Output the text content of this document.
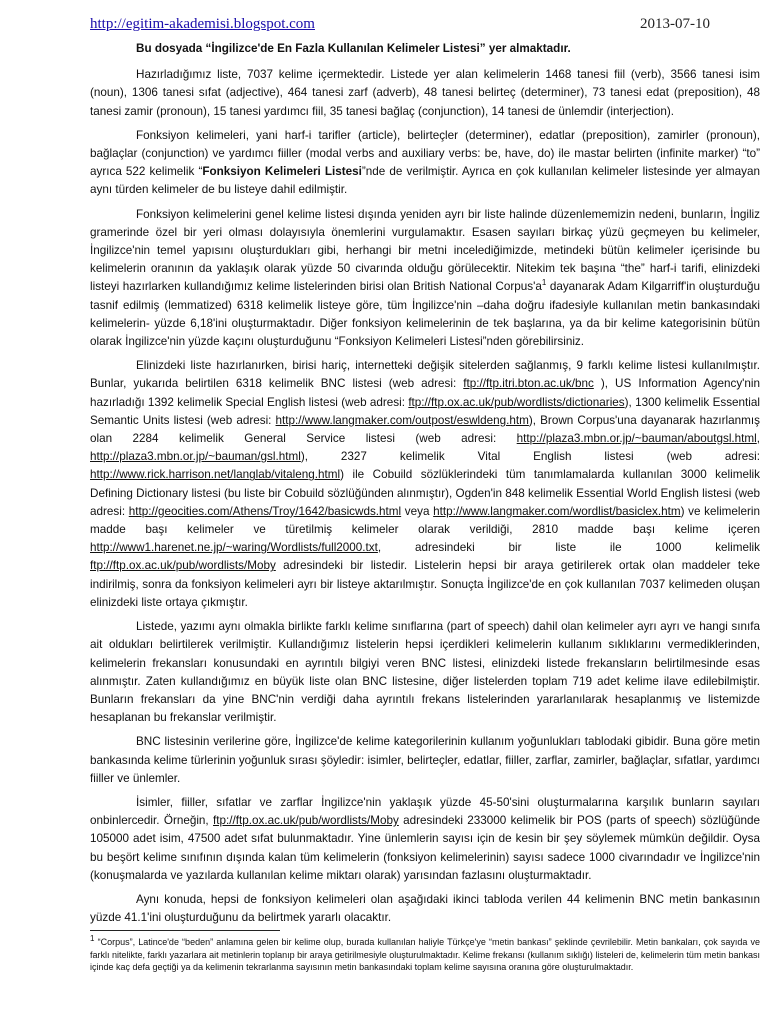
http://egitim-akademisi.blogspot.com	2013-07-10

Bu dosyada “İngilizce'de En Fazla Kullanılan Kelimeler Listesi” yer almaktadır.

Hazırladığımız liste, 7037 kelime içermektedir. Listede yer alan kelimelerin 1468 tanesi fiil (verb), 3566 tanesi isim (noun), 1306 tanesi sıfat (adjective), 464 tanesi zarf (adverb), 48 tanesi belirteç (determiner), 73 tanesi edat (preposition), 48 tanesi zamir (pronoun), 15 tanesi yardımcı fiil, 35 tanesi bağlaç (conjunction), 14 tanesi de ünlemdir (interjection).

Fonksiyon kelimeleri, yani harf-i tarifler (article), belirteçler (determiner), edatlar (preposition), zamirler (pronoun), bağlaçlar (conjunction) ve yardımcı fiiller (modal verbs and auxiliary verbs: be, have, do) ile mastar belirten (infinite marker) “to” ayrıca 522 kelimelik “Fonksiyon Kelimeleri Listesi”nde de verilmiştir. Ayrıca en çok kullanılan kelimeler listesinde yer almayan aynı türden kelimeler de bu listeye dahil edilmiştir.

Fonksiyon kelimelerini genel kelime listesi dışında yeniden ayrı bir liste halinde düzenlememizin nedeni, bunların, İngiliz gramerinde özel bir yeri olması dolayısıyla önemlerini vurgulamaktır. Esasen sayıları birkaç yüzü geçmeyen bu kelimeler, İngilizce'nin temel yapısını oluşturdukları gibi, herhangi bir metni incelediğimizde, metindeki bütün kelimeler içerisinde bu kelimelerin oranının da yaklaşık olarak yüzde 50 civarında olduğu görülecektir. Nitekim tek başına “the” harf-i tarifi, elinizdeki listeyi hazırlarken kullandığımız kelime listelerinden birisi olan British National $Corpus'a^1$ dayanarak Adam Kilgarriff'in oluşturduğu tasnif edilmiş (lemmatized) 6318 kelimelik listeye göre, tüm İngilizce'nin –daha doğru ifadesiyle kullanılan metin bankasındaki kelimelerin- yüzde 6,18'ini oluşturmaktadır. Diğer fonksiyon kelimelerinin de tek başlarına, ya da bir kelime kategorisinin bütün olarak İngilizce'nin yüzde kaçını oluşturduğunu “Fonksiyon Kelimeleri Listesi”nden görebilirsiniz.

Elinizdeki liste hazırlanırken, birisi hariç, internetteki değişik sitelerden sağlanmış, 9 farklı kelime listesi kullanılmıştır. Bunlar, yukarıda belirtilen 6318 kelimelik BNC listesi (web adresi: ftp://ftp.itri.bton.ac.uk/bnc ), US Information Agency'nin hazırladığı 1392 kelimelik Special English listesi (web adresi: ftp://ftp.ox.ac.uk/pub/wordlists/dictionaries), 1300 kelimelik Essential Semantic Units listesi (web adresi: http://www.langmaker.com/outpost/eswldeng.htm), Brown Corpus'una dayanarak hazırlanmış olan 2284 kelimelik General Service listesi (web adresi: http://plaza3.mbn.or.jp/~bauman/aboutgsl.html, http://plaza3.mbn.or.jp/~bauman/gsl.html), 2327 kelimelik Vital English listesi (web adresi: http://www.rick.harrison.net/langlab/vitaleng.html) ile Cobuild sözlüklerindeki tüm tanımlamalarda kullanılan 3000 kelimelik Defining Dictionary listesi (bu liste bir Cobuild sözlüğünden alınmıştır), Ogden'in 848 kelimelik Essential World English listesi (web adresi: http://geocities.com/Athens/Troy/1642/basicwds.html veya http://www.langmaker.com/wordlist/basiclex.htm) ve kelimelerin madde başı kelimeler ve türetilmiş kelimeler olarak verildiği, 2810 madde başı kelime içeren http://www1.harenet.ne.jp/~waring/Wordlists/full2000.txt, adresindeki bir liste ile 1000 kelimelik ftp://ftp.ox.ac.uk/pub/wordlists/Moby adresindeki bir listedir. Listelerin hepsi bir araya getirilerek ortak olan maddeler teke indirilmiş, sonra da fonksiyon kelimeleri ayrı bir listeye aktarılmıştır. Sonuçta İngilizce'de en çok kullanılan 7037 kelimeden oluşan elinizdeki liste ortaya çıkmıştır.

Listede, yazımı aynı olmakla birlikte farklı kelime sınıflarına (part of speech) dahil olan kelimeler ayrı ayrı ve hangi sınıfa ait oldukları belirtilerek verilmiştir. Kullandığımız listelerin hepsi içerdikleri kelimelerin kullanım sıklıklarını vermediklerinden, kelimelerin frekansları konusundaki en ayrıntılı bilgiyi veren BNC listesi, elinizdeki listede frekansların belirtilmesinde esas alınmıştır. Zaten kullandığımız en büyük liste olan BNC listesine, diğer listelerden toplam 719 adet kelime ilave edilebilmiştir. Bunların frekansları da yine BNC'nin verdiği daha ayrıntılı frekans listelerinden yararlanılarak hesaplanmış ve listemizde hesaplanan bu frekanslar verilmiştir.

BNC listesinin verilerine göre, İngilizce'de kelime kategorilerinin kullanım yoğunlukları tablodaki gibidir. Buna göre metin bankasında kelime türlerinin yoğunluk sırası şöyledir: isimler, belirteçler, edatlar, fiiller, zarflar, zamirler, bağlaçlar, sıfatlar, yardımcı fiiller ve ünlemler.

İsimler, fiiller, sıfatlar ve zarflar İngilizce'nin yaklaşık yüzde 45-50'sini oluşturmalarına karşılık bunların sayıları onbinlercedir. Örneğin, ftp://ftp.ox.ac.uk/pub/wordlists/Moby adresindeki 233000 kelimelik bir POS (parts of speech) sözlüğünde 105000 adet isim, 47500 adet sıfat bulunmaktadır. Yine ünlemlerin sayısı için de kesin bir şey söylemek mümkün değildir. Oysa bu beşört kelime sınıfının dışında kalan tüm kelimelerin (fonksiyon kelimelerinin) sayısı sadece 1000 civarındadır ve İngilizce'nin (konuşmalarda ve yazılarda kullanılan kelime miktarı olarak) yarısından fazlasını oluşturmaktadır.

Aynı konuda, hepsi de fonksiyon kelimeleri olan aşağıdaki ikinci tabloda verilen 44 kelimenin BNC metin bankasının yüzde 41.1'ini oluşturduğunu da belirtmek yararlı olacaktır.

$^1$ “Corpus”, Latince'de “beden” anlamına gelen bir kelime olup, burada kullanılan haliyle Türkçe'ye “metin bankası” şeklinde çevrilebilir. Metin bankaları, çok sayıda ve farklı nitelikte, farklı yazarlara ait metinlerin toplanıp bir araya getirilmesiyle oluşturulmaktadır. Kelime frekansı (kullanım sıklığı) listeleri de, kelimelerin tüm metin bankası içinde kaç defa geçtiği ya da kelimenin tekrarlanma sayısının metin bankasındaki toplam kelime sayısına oranına göre oluşturulmaktadır.
